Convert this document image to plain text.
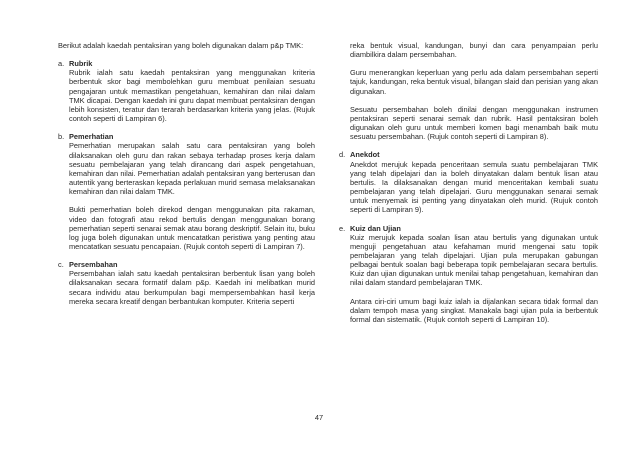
Berikut adalah kaedah pentaksiran yang boleh digunakan dalam p&p TMK:

a. Rubrik

Rubrik ialah satu kaedah pentaksiran yang menggunakan kriteria berbentuk skor bagi membolehkan guru membuat penilaian sesuatu pengajaran untuk memastikan pengetahuan, kemahiran dan nilai dalam TMK dicapai. Dengan kaedah ini guru dapat membuat pentaksiran dengan lebih konsisten, teratur dan terarah berdasarkan kriteria yang jelas. (Rujuk contoh seperti di Lampiran 6).

b. Pemerhatian

Pemerhatian merupakan salah satu cara pentaksiran yang boleh dilaksanakan oleh guru dan rakan sebaya terhadap proses kerja dalam sesuatu pembelajaran yang telah dirancang dari aspek pengetahuan, kemahiran dan nilai. Pemerhatian adalah pentaksiran yang berterusan dan autentik yang berteraskan kepada perlakuan murid semasa melaksanakan kemahiran dan nilai dalam TMK.

Bukti pemerhatian boleh direkod dengan menggunakan pita rakaman, video dan fotografi atau rekod bertulis dengan menggunakan borang pemerhatian seperti senarai semak atau borang deskriptif. Selain itu, buku log juga boleh digunakan untuk mencatatkan peristiwa yang penting atau mencatatkan sesuatu pencapaian. (Rujuk contoh seperti di Lampiran 7).

c. Persembahan

Persembahan ialah satu kaedah pentaksiran berbentuk lisan yang boleh dilaksanakan secara formatif dalam p&p. Kaedah ini melibatkan murid secara individu atau berkumpulan bagi mempersembahkan hasil kerja mereka secara kreatif dengan berbantukan komputer. Kriteria seperti

reka bentuk visual, kandungan, bunyi dan cara penyampaian perlu diambilkira dalam persembahan.

Guru menerangkan keperluan yang perlu ada dalam persembahan seperti tajuk, kandungan, reka bentuk visual, bilangan slaid dan perisian yang akan digunakan.

Sesuatu persembahan boleh dinilai dengan menggunakan instrumen pentaksiran seperti senarai semak dan rubrik. Hasil pentaksiran boleh digunakan oleh guru untuk memberi komen bagi menambah baik mutu sesuatu persembahan. (Rujuk contoh seperti di Lampiran 8).

d. Anekdot

Anekdot merujuk kepada penceritaan semula suatu pembelajaran TMK yang telah dipelajari dan ia boleh dinyatakan dalam bentuk lisan atau bertulis. Ia dilaksanakan dengan murid menceritakan kembali suatu pembelajaran yang telah dipelajari. Guru menggunakan senarai semak untuk menyemak isi penting yang dinyatakan oleh murid. (Rujuk contoh seperti di Lampiran 9).

e. Kuiz dan Ujian

Kuiz merujuk kepada soalan lisan atau bertulis yang digunakan untuk menguji pengetahuan atau kefahaman murid mengenai satu topik pembelajaran yang telah dipelajari. Ujian pula merupakan gabungan pelbagai bentuk soalan bagi beberapa topik pembelajaran secara bertulis. Kuiz dan ujian digunakan untuk menilai tahap pengetahuan, kemahiran dan nilai dalam standard pembelajaran TMK.

Antara ciri-ciri umum bagi kuiz ialah ia dijalankan secara tidak formal dan dalam tempoh masa yang singkat. Manakala bagi ujian pula ia berbentuk formal dan sistematik. (Rujuk contoh seperti di Lampiran 10).

47
